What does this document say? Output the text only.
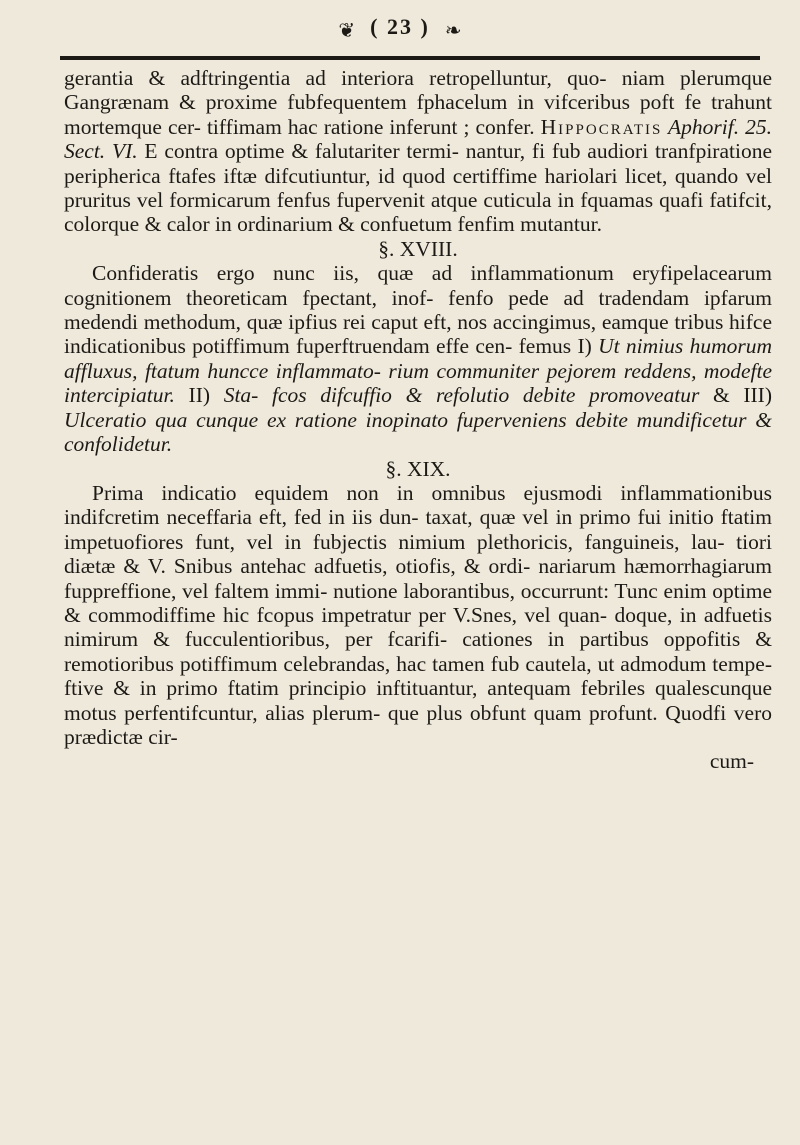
❦ ( 23 ) ❧

gerantia & adftringentia ad interiora retropelluntur, quo- niam plerumque Gangrænam & proxime fubfequentem fphacelum in vifceribus poft fe trahunt mortemque cer- tiffimam hac ratione inferunt ; confer. Hippocratis Aphorif. 25. Sect. VI. E contra optime & falutariter termi- nantur, fi fub audiori tranfpiratione peripherica ftafes iftæ difcutiuntur, id quod certiffime hariolari licet, quando vel pruritus vel formicarum fenfus fupervenit atque cuticula in fquamas quafi fatifcit, colorque & calor in ordinarium & confuetum fenfim mutantur.

§. XVIII.

Confideratis ergo nunc iis, quæ ad inflammationum eryfipelacearum cognitionem theoreticam fpectant, inof- fenfo pede ad tradendam ipfarum medendi methodum, quæ ipfius rei caput eft, nos accingimus, eamque tribus hifce indicationibus potiffimum fuperftruendam effe cen- femus I) Ut nimius humorum affluxus, ftatum huncce inflammato- rium communiter pejorem reddens, modefte intercipiatur. II) Sta- fcos difcuffio & refolutio debite promoveatur & III) Ulceratio qua cunque ex ratione inopinato fuperveniens debite mundificetur & confolidetur.

§. XIX.

Prima indicatio equidem non in omnibus ejusmodi inflammationibus indifcretim neceffaria eft, fed in iis dun- taxat, quæ vel in primo fui initio ftatim impetuofiores funt, vel in fubjectis nimium plethoricis, fanguineis, lau- tiori diætæ & V. Snibus antehac adfuetis, otiofis, & ordi- nariarum hæmorrhagiarum fuppreffione, vel faltem immi- nutione laborantibus, occurrunt: Tunc enim optime & commodiffime hic fcopus impetratur per V.Snes, vel quan- doque, in adfuetis nimirum & fucculentioribus, per fcarifi- cationes in partibus oppofitis & remotioribus potiffimum celebrandas, hac tamen fub cautela, ut admodum tempe- ftive & in primo ftatim principio inftituantur, antequam febriles qualescunque motus perfentifcuntur, alias plerum- que plus obfunt quam profunt. Quodfi vero prædictæ cir-

cum-
